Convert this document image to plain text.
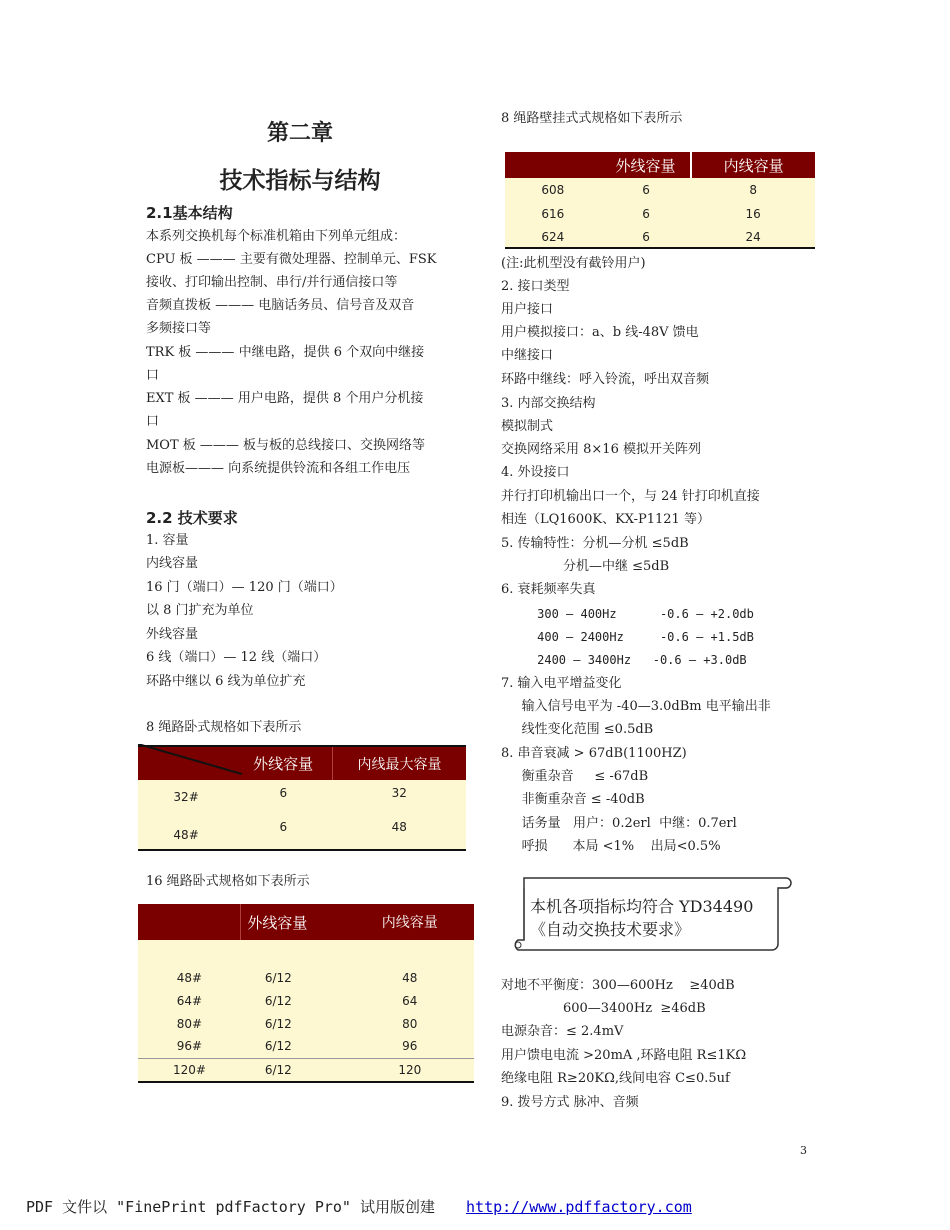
第二章
技术指标与结构
2.1基本结构
本系列交换机每个标准机箱由下列单元组成：
CPU 板 ——— 主要有微处理器、控制单元、FSK
接收、打印输出控制、串行/并行通信接口等
音频直拨板 ——— 电脑话务员、信号音及双音
多频接口等
TRK 板 ——— 中继电路，提供 6 个双向中继接
口
EXT 板 ——— 用户电路，提供 8 个用户分机接
口
MOT 板 ——— 板与板的总线接口、交换网络等
电源板——— 向系统提供铃流和各组工作电压
2.2 技术要求
1. 容量
内线容量
16 门（端口）— 120 门（端口）
以 8 门扩充为单位
外线容量
6 线（端口）— 12 线（端口）
环路中继以 6 线为单位扩充
8 绳路卧式规格如下表所示
	外线容量	内线最大容量
32#	6	32
48#	6	48
16 绳路卧式规格如下表所示
	外线容量	内线容量

48#	6/12	48
64#	6/12	64
80#	6/12	80
96#	6/12	96
120#	6/12	120
8 绳路壁挂式式规格如下表所示
	外线容量	内线容量
608	6	8
616	6	16
624	6	24
(注:此机型没有截铃用户)
2. 接口类型
用户接口
用户模拟接口：a、b 线-48V 馈电
中继接口
环路中继线：呼入铃流，呼出双音频
3. 内部交换结构
模拟制式
交换网络采用 8×16 模拟开关阵列
4. 外设接口
并行打印机输出口一个，与 24 针打印机直接
相连（LQ1600K、KX-P1121 等）
5. 传输特性：分机—分机 ≤5dB
分机—中继 ≤5dB
6. 衰耗频率失真
300 — 400Hz      -0.6 — +2.0db
400 — 2400Hz     -0.6 — +1.5dB
2400 — 3400Hz   -0.6 — +3.0dB
7. 输入电平增益变化
输入信号电平为 -40—3.0dBm 电平输出非
线性变化范围 ≤0.5dB
8. 串音衰减 > 67dB(1100HZ)
衡重杂音     ≤ -67dB
非衡重杂音 ≤ -40dB
话务量   用户：0.2erl  中继：0.7erl
呼损      本局 <1%    出局<0.5%
本机各项指标均符合 YD34490
《自动交换技术要求》
对地不平衡度：300—600Hz    ≥40dB
600—3400Hz  ≥46dB
电源杂音：≤ 2.4mV
用户馈电电流 >20mA ,环路电阻 R≤1KΩ
绝缘电阻 R≥20KΩ,线间电容 C≤0.5uf
9. 拨号方式 脉冲、音频
3
PDF 文件以 "FinePrint pdfFactory Pro" 试用版创建 http://www.pdffactory.com
